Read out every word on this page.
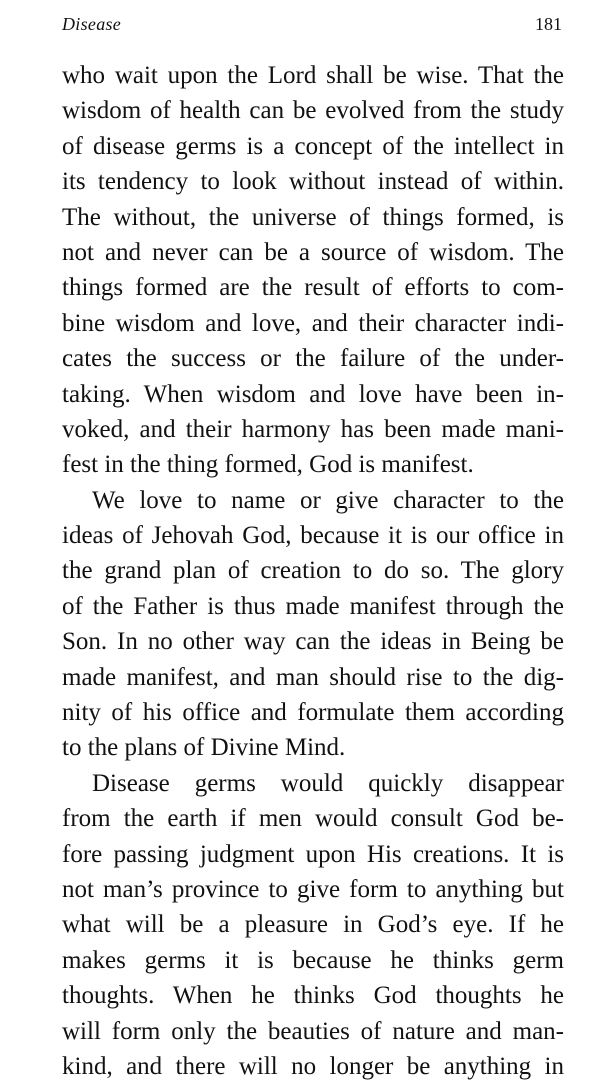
Disease	181
who wait upon the Lord shall be wise. That the
wisdom of health can be evolved from the study
of disease germs is a concept of the intellect in
its tendency to look without instead of within.
The without, the universe of things formed, is
not and never can be a source of wisdom. The
things formed are the result of efforts to com-
bine wisdom and love, and their character indi-
cates the success or the failure of the under-
taking. When wisdom and love have been in-
voked, and their harmony has been made mani-
fest in the thing formed, God is manifest.
We love to name or give character to the
ideas of Jehovah God, because it is our office in
the grand plan of creation to do so. The glory
of the Father is thus made manifest through the
Son. In no other way can the ideas in Being be
made manifest, and man should rise to the dig-
nity of his office and formulate them according
to the plans of Divine Mind.
Disease germs would quickly disappear
from the earth if men would consult God be-
fore passing judgment upon His creations. It is
not man’s province to give form to anything but
what will be a pleasure in God’s eye. If he
makes germs it is because he thinks germ
thoughts. When he thinks God thoughts he
will form only the beauties of nature and man-
kind, and there will no longer be anything in
